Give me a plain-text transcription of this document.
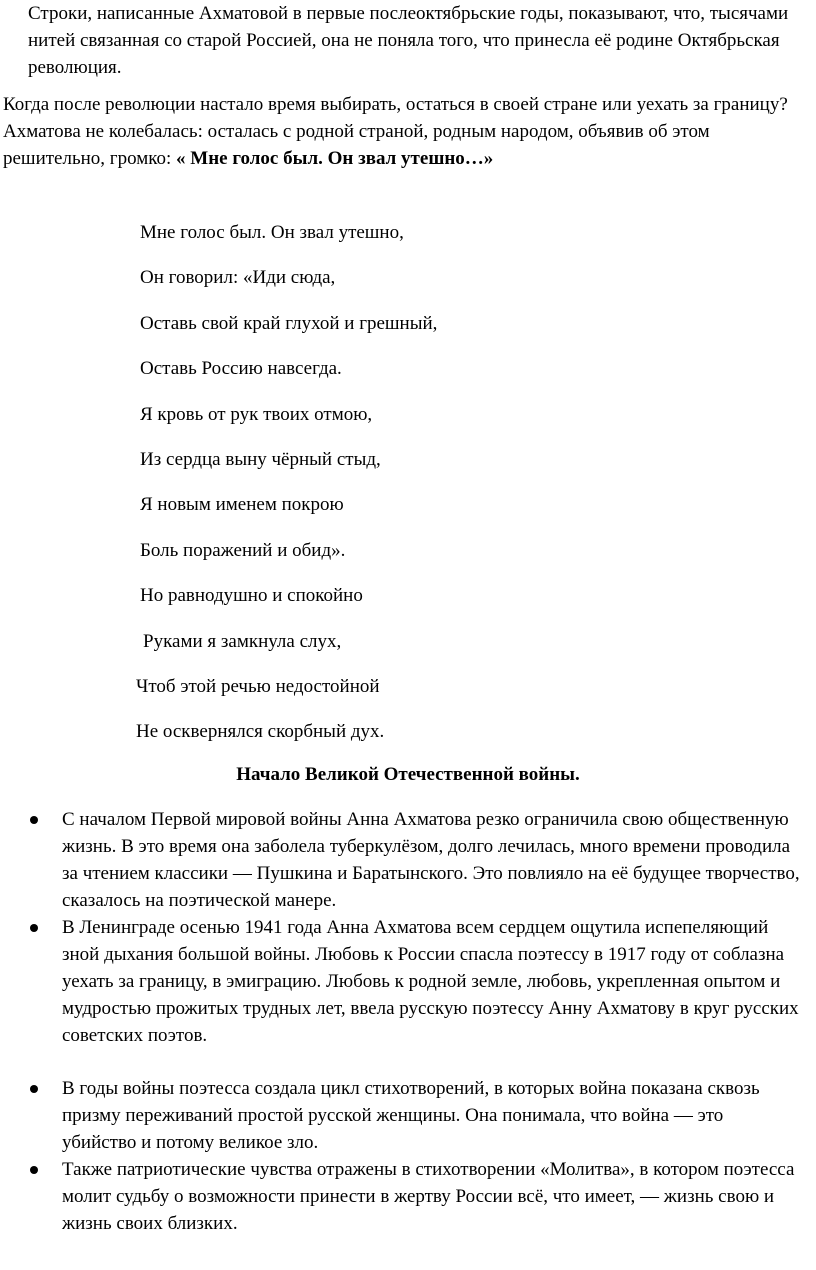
Строки, написанные Ахматовой в первые послеоктябрьские годы, показывают, что, тысячами нитей связанная со старой Россией, она не поняла того, что принесла её родине Октябрьская революция.

Когда после революции настало время выбирать, остаться в своей стране или уехать за границу? Ахматова не колебалась: осталась с родной страной, родным народом, объявив об этом решительно, громко: « Мне голос был. Он звал утешно…»

Мне голос был. Он звал утешно,
Он говорил: «Иди сюда,
Оставь свой край глухой и грешный,
Оставь Россию навсегда.
Я кровь от рук твоих отмою,
Из сердца выну чёрный стыд,
Я новым именем покрою
Боль поражений и обид».
Но равнодушно и спокойно
Руками я замкнула слух,
Чтоб этой речью недостойной
Не осквернялся скорбный дух.

Начало Великой Отечественной войны.

С началом Первой мировой войны Анна Ахматова резко ограничила свою общественную жизнь. В это время она заболела туберкулёзом, долго лечилась, много времени проводила за чтением классики — Пушкина и Баратынского. Это повлияло на её будущее творчество, сказалось на поэтической манере.
В Ленинграде осенью 1941 года Анна Ахматова всем сердцем ощутила испепеляющий зной дыхания большой войны. Любовь к России спасла поэтессу в 1917 году от соблазна уехать за границу, в эмиграцию. Любовь к родной земле, любовь, укрепленная опытом и мудростью прожитых трудных лет, ввела русскую поэтессу Анну Ахматову в круг русских советских поэтов.
В годы войны поэтесса создала цикл стихотворений, в которых война показана сквозь призму переживаний простой русской женщины. Она понимала, что война — это убийство и потому великое зло.
Также патриотические чувства отражены в стихотворении «Молитва», в котором поэтесса молит судьбу о возможности принести в жертву России всё, что имеет, — жизнь свою и жизнь своих близких.
